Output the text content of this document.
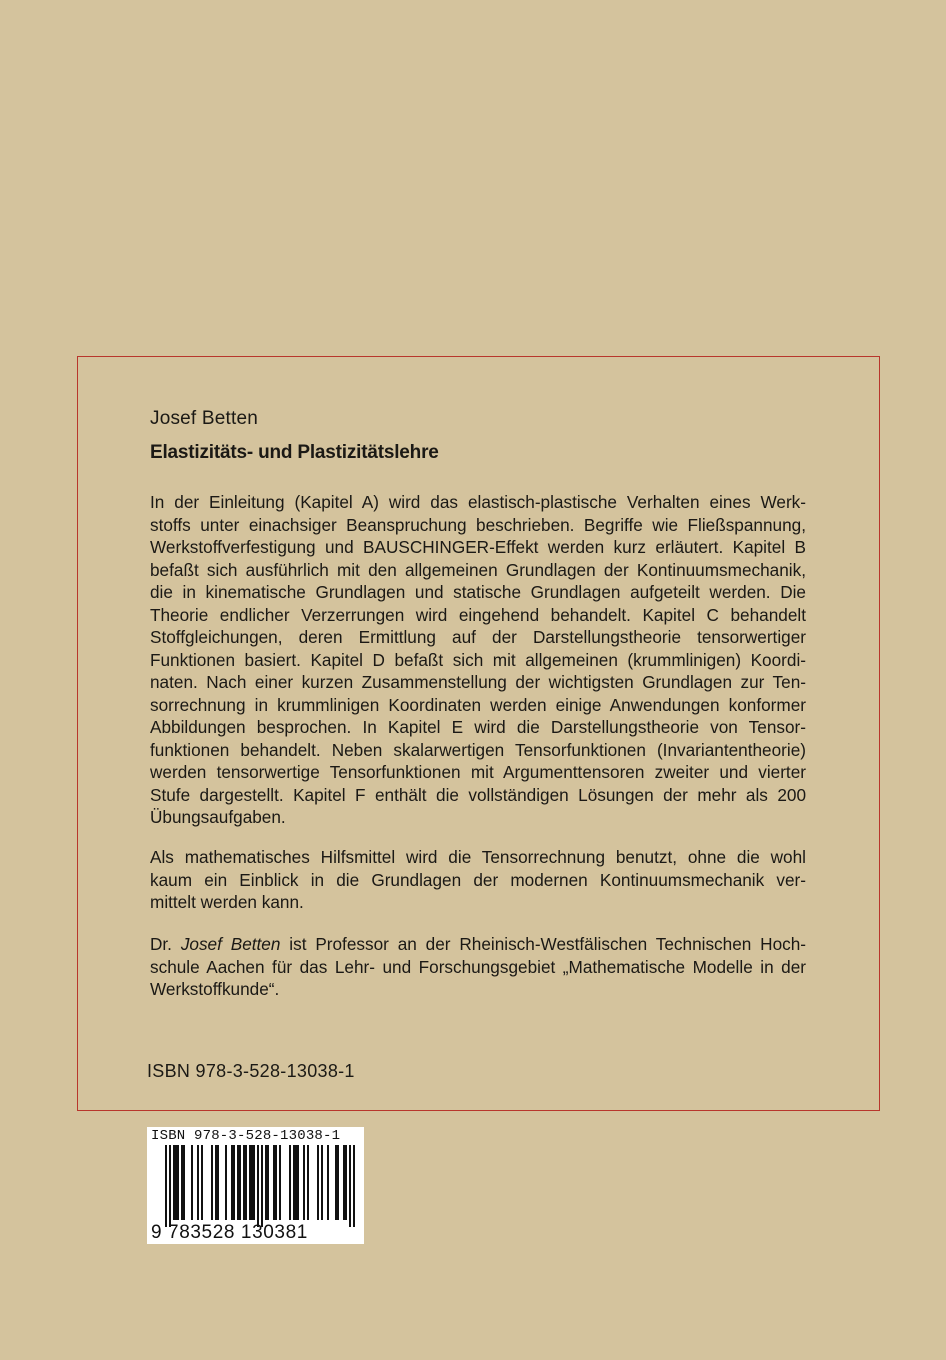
Josef Betten
Elastizitäts- und Plastizitätslehre
In der Einleitung (Kapitel A) wird das elastisch-plastische Verhalten eines Werk-
stoffs unter einachsiger Beanspruchung beschrieben. Begriffe wie Fließspannung,
Werkstoffverfestigung und BAUSCHINGER-Effekt werden kurz erläutert. Kapitel B
befaßt sich ausführlich mit den allgemeinen Grundlagen der Kontinuumsmechanik,
die in kinematische Grundlagen und statische Grundlagen aufgeteilt werden. Die
Theorie endlicher Verzerrungen wird eingehend behandelt. Kapitel C behandelt
Stoffgleichungen, deren Ermittlung auf der Darstellungstheorie tensorwertiger
Funktionen basiert. Kapitel D befaßt sich mit allgemeinen (krummlinigen) Koordi-
naten. Nach einer kurzen Zusammenstellung der wichtigsten Grundlagen zur Ten-
sorrechnung in krummlinigen Koordinaten werden einige Anwendungen konformer
Abbildungen besprochen. In Kapitel E wird die Darstellungstheorie von Tensor-
funktionen behandelt. Neben skalarwertigen Tensorfunktionen (Invariantentheorie)
werden tensorwertige Tensorfunktionen mit Argumenttensoren zweiter und vierter
Stufe dargestellt. Kapitel F enthält die vollständigen Lösungen der mehr als 200
Übungsaufgaben.
Als mathematisches Hilfsmittel wird die Tensorrechnung benutzt, ohne die wohl
kaum ein Einblick in die Grundlagen der modernen Kontinuumsmechanik ver-
mittelt werden kann.
Dr. Josef Betten ist Professor an der Rheinisch-Westfälischen Technischen Hoch-
schule Aachen für das Lehr- und Forschungsgebiet „Mathematische Modelle in der
Werkstoffkunde“.
ISBN 978-3-528-13038-1
ISBN 978-3-528-13038-1
9 783528 130381
